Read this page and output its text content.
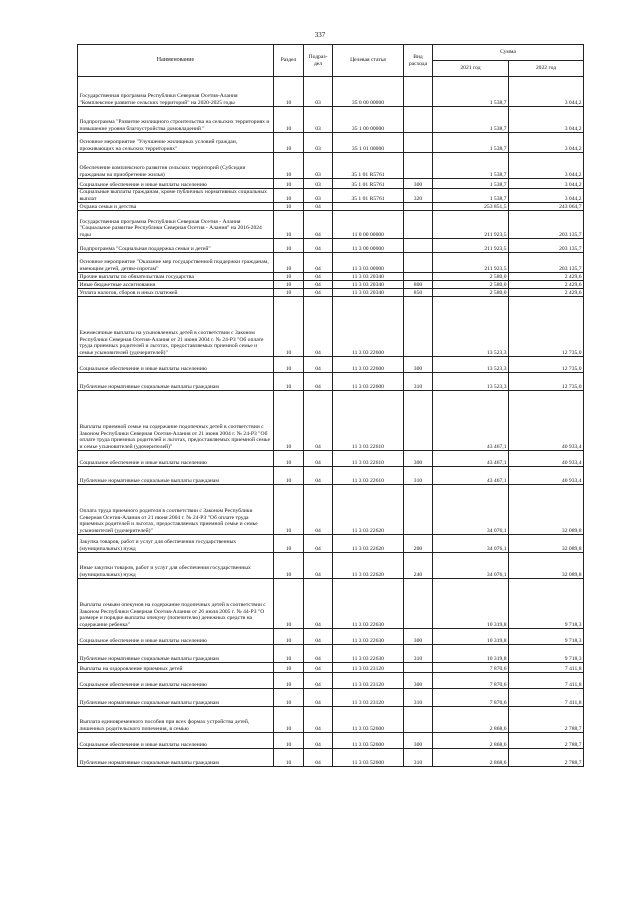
337
Наименование	Раздел	Подраз-дел	Целевая статья	Вид расхода	Сумма	
					2021 год	2022 год
Государственная программа Республики Северная Осетия-Алания "Комплексное развитие сельских территорий" на 2020-2025 годы	10	03	35 0 00 00000		1 538,7	3 044,2
Подпрограмма "Развитие жилищного строительства на сельских территориях и повышение уровня благоустройства домовладений "	10	03	35 1 00 00000		1 538,7	3 044,2
Основное мероприятие "Улучшение жилищных условий граждан, проживающих на сельских территориях"	10	03	35 1 01 00000		1 538,7	3 044,2
Обеспечение комплексного развития сельских территорий (Субсидии гражданам на приобретение жилья)	10	03	35 1 01 R5761		1 538,7	3 044,2
Социальное обеспечение и иные выплаты населению	10	03	35 1 01 R5761	300	1 538,7	3 044,2
Социальные выплаты гражданам, кроме публичных нормативных социальных выплат	10	03	35 1 01 R5761	320	1 538,7	3 044,2
Охрана семьи и детства	10	04			253 851,5	243 064,7
Государственная программа Республики Северная Осетия - Алания "Социальное развитие Республики Северная Осетия - Алания" на 2016-2024 годы	10	04	11 0 00 00000		211 923,5	203 135,7
Подпрограмма "Социальная поддержка семьи и детей"	10	04	11 3 00 00000		211 923,5	203 135,7
Основное мероприятие "Оказание мер государственной поддержки гражданам, имеющим детей, детям-сиротам"	10	04	11 3 03 00000		211 923,5	203 135,7
Прочие выплаты по обязательствам государства	10	04	11 3 03 20340		2 580,0	2 429,6
Иные бюджетные ассигнования	10	04	11 3 03 20340	800	2 580,0	2 429,6
Уплата налогов, сборов и иных платежей	10	04	11 3 03 20340	850	2 580,0	2 429,6
Ежемесячные выплаты на усыновленных детей в соответствии с Законом Республики Северная Осетия-Алания от 21 июня 2004 г. № 24-РЗ "Об оплате труда приемных родителей и льготах, предоставляемых приемной семье и семье усыновителей (удочерителей)"	10	04	11 3 03 22600		13 523,3	12 735,0
Социальное обеспечение и иные выплаты населению	10	04	11 3 03 22600	300	13 523,3	12 735,0
Публичные нормативные социальные выплаты гражданам	10	04	11 3 03 22600	310	13 523,3	12 735,0
Выплаты приемной семье на содержание подопечных детей в соответствии с Законом Республики Северная Осетия-Алания от 21 июня 2004 г. № 24-РЗ "Об оплате труда приемных родителей и льготах, предоставляемых приемной семье и семье усыновителей (удочерителей)"	10	04	11 3 03 22610		43 467,1	40 933,4
Социальное обеспечение и иные выплаты населению	10	04	11 3 03 22610	300	43 467,1	40 933,4
Публичные нормативные социальные выплаты гражданам	10	04	11 3 03 22610	310	43 467,1	40 933,4
Оплата труда приемного родителя в соответствии с Законом Республики Северная Осетия-Алания от 21 июня 2004 г. № 24-РЗ "Об оплате труда приемных родителей и льготах, предоставляемых приемной семье и семье усыновителей (удочерителей)"	10	04	11 3 03 22620		34 076,1	32 089,8
Закупка товаров, работ и услуг для обеспечения государственных (муниципальных) нужд	10	04	11 3 03 22620	200	34 076,1	32 089,8
Иные закупки товаров, работ и услуг для обеспечения государственных (муниципальных) нужд	10	04	11 3 03 22620	240	34 076,1	32 089,8
Выплаты семьям опекунов на содержание подопечных детей в соответствии с Законом Республики Северная Осетия-Алания от 26 июля 2005 г. № 44-РЗ "О размере и порядке выплаты опекуну (попечителю) денежных средств на содержание ребенка"	10	04	11 3 03 22630		10 319,8	9 718,3
Социальное обеспечение и иные выплаты населению	10	04	11 3 03 22630	300	10 319,8	9 718,3
Публичные нормативные социальные выплаты гражданам	10	04	11 3 03 22630	310	10 319,8	9 718,3
Выплаты на оздоровление приемных детей	10	04	11 3 03 23120		7 870,6	7 411,8
Социальное обеспечение и иные выплаты населению	10	04	11 3 03 23120	300	7 870,6	7 411,8
Публичные нормативные социальные выплаты гражданам	10	04	11 3 03 23120	310	7 870,6	7 411,8
Выплата единовременного пособия при всех формах устройства детей, лишенных родительского попечения, в семью	10	04	11 3 03 52600		2 868,6	2 788,7
Социальное обеспечение и иные выплаты населению	10	04	11 3 03 52600	300	2 868,6	2 788,7
Публичные нормативные социальные выплаты гражданам	10	04	11 3 03 52600	310	2 868,6	2 788,7
